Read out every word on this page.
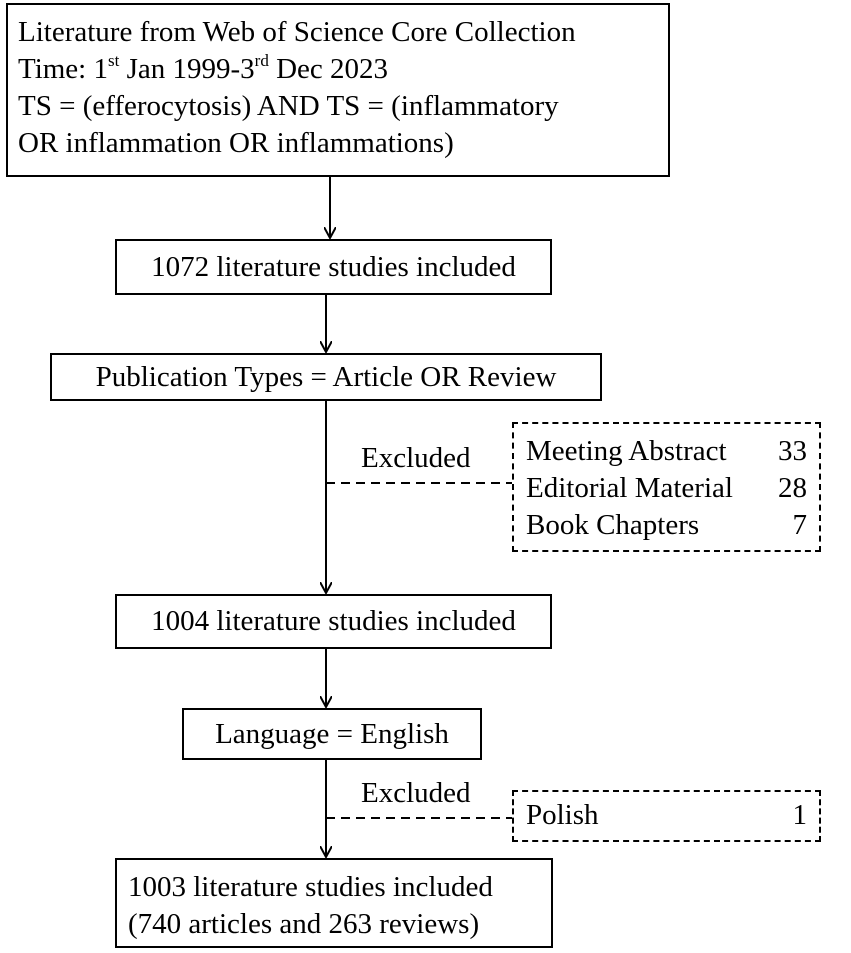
Literature from Web of Science Core Collection
Time: 1st Jan 1999-3rd Dec 2023
TS = (efferocytosis) AND TS = (inflammatory
OR inflammation OR inflammations)
1072 literature studies included
Publication Types = Article OR Review
Excluded Meeting Abstract 33
Editorial Material 28
Book Chapters	7
1004 literature studies included
Language = English
Excluded
Polish	1
1003 literature studies included
(740 articles and 263 reviews)
